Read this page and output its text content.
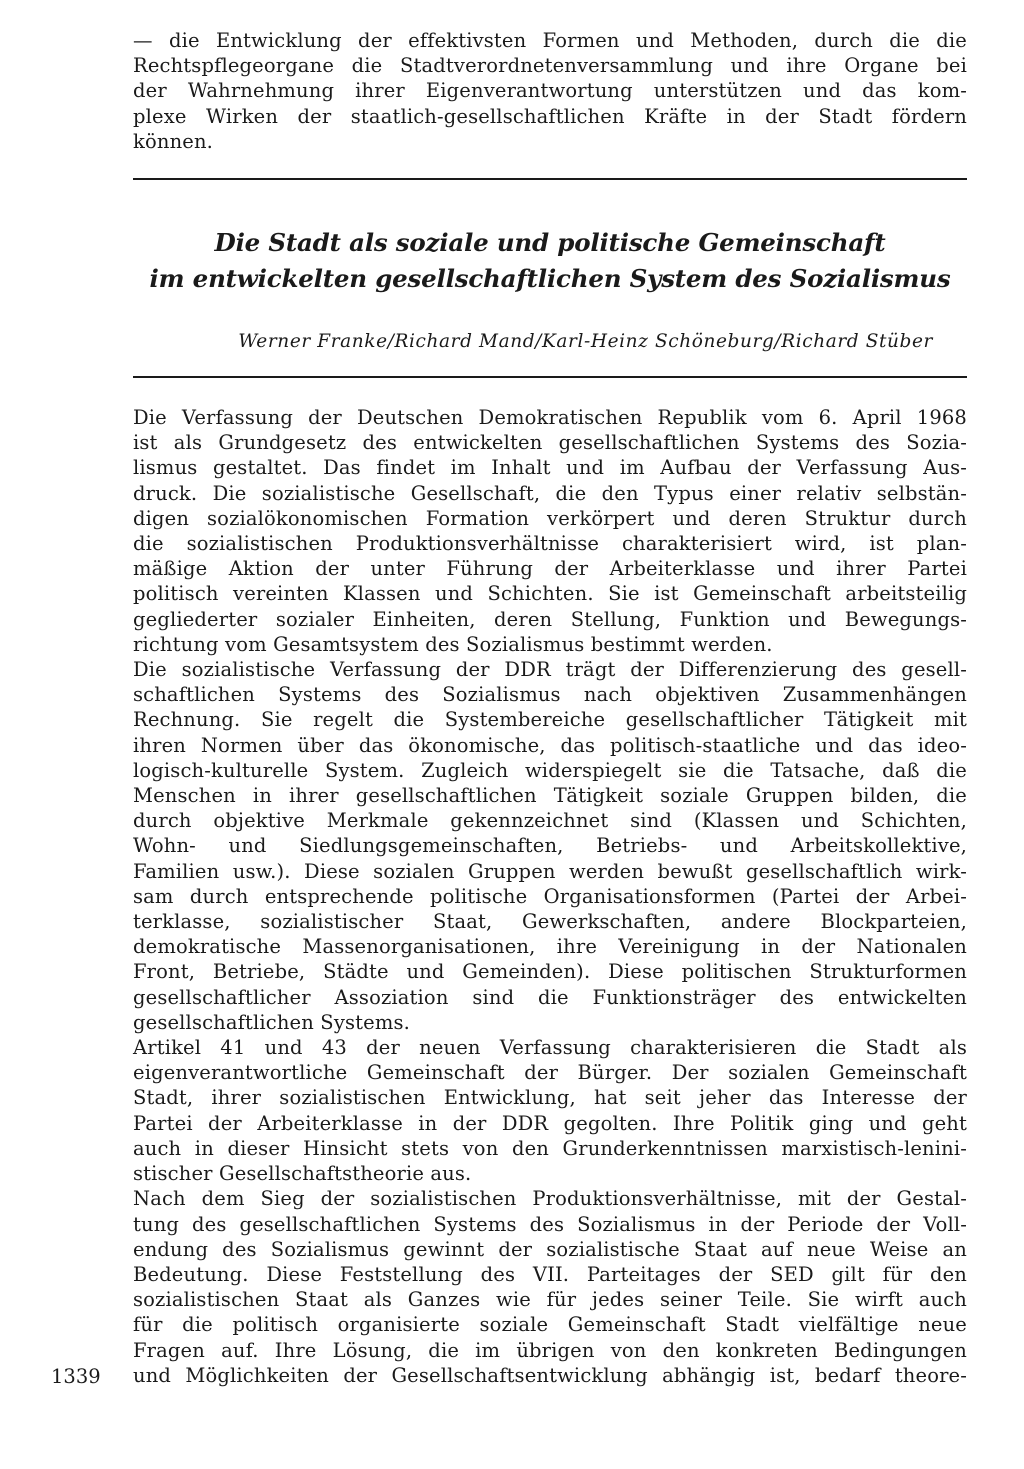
— die Entwicklung der effektivsten Formen und Methoden, durch die die
Rechtspflegeorgane die Stadtverordnetenversammlung und ihre Organe bei
der Wahrnehmung ihrer Eigenverantwortung unterstützen und das kom-
plexe Wirken der staatlich-gesellschaftlichen Kräfte in der Stadt fördern
können.
Die Stadt als soziale und politische Gemeinschaft
im entwickelten gesellschaftlichen System des Sozialismus
Werner Franke/Richard Mand/Karl-Heinz Schöneburg/Richard Stüber
Die Verfassung der Deutschen Demokratischen Republik vom 6. April 1968
ist als Grundgesetz des entwickelten gesellschaftlichen Systems des Sozia-
lismus gestaltet. Das findet im Inhalt und im Aufbau der Verfassung Aus-
druck. Die sozialistische Gesellschaft, die den Typus einer relativ selbstän-
digen sozialökonomischen Formation verkörpert und deren Struktur durch
die sozialistischen Produktionsverhältnisse charakterisiert wird, ist plan-
mäßige Aktion der unter Führung der Arbeiterklasse und ihrer Partei
politisch vereinten Klassen und Schichten. Sie ist Gemeinschaft arbeitsteilig
gegliederter sozialer Einheiten, deren Stellung, Funktion und Bewegungs-
richtung vom Gesamtsystem des Sozialismus bestimmt werden.
Die sozialistische Verfassung der DDR trägt der Differenzierung des gesell-
schaftlichen Systems des Sozialismus nach objektiven Zusammenhängen
Rechnung. Sie regelt die Systembereiche gesellschaftlicher Tätigkeit mit
ihren Normen über das ökonomische, das politisch-staatliche und das ideo-
logisch-kulturelle System. Zugleich widerspiegelt sie die Tatsache, daß die
Menschen in ihrer gesellschaftlichen Tätigkeit soziale Gruppen bilden, die
durch objektive Merkmale gekennzeichnet sind (Klassen und Schichten,
Wohn- und Siedlungsgemeinschaften, Betriebs- und Arbeitskollektive,
Familien usw.). Diese sozialen Gruppen werden bewußt gesellschaftlich wirk-
sam durch entsprechende politische Organisationsformen (Partei der Arbei-
terklasse, sozialistischer Staat, Gewerkschaften, andere Blockparteien,
demokratische Massenorganisationen, ihre Vereinigung in der Nationalen
Front, Betriebe, Städte und Gemeinden). Diese politischen Strukturformen
gesellschaftlicher Assoziation sind die Funktionsträger des entwickelten
gesellschaftlichen Systems.
Artikel 41 und 43 der neuen Verfassung charakterisieren die Stadt als
eigenverantwortliche Gemeinschaft der Bürger. Der sozialen Gemeinschaft
Stadt, ihrer sozialistischen Entwicklung, hat seit jeher das Interesse der
Partei der Arbeiterklasse in der DDR gegolten. Ihre Politik ging und geht
auch in dieser Hinsicht stets von den Grunderkenntnissen marxistisch-lenini-
stischer Gesellschaftstheorie aus.
Nach dem Sieg der sozialistischen Produktionsverhältnisse, mit der Gestal-
tung des gesellschaftlichen Systems des Sozialismus in der Periode der Voll-
endung des Sozialismus gewinnt der sozialistische Staat auf neue Weise an
Bedeutung. Diese Feststellung des VII. Parteitages der SED gilt für den
sozialistischen Staat als Ganzes wie für jedes seiner Teile. Sie wirft auch
für die politisch organisierte soziale Gemeinschaft Stadt vielfältige neue
Fragen auf. Ihre Lösung, die im übrigen von den konkreten Bedingungen
und Möglichkeiten der Gesellschaftsentwicklung abhängig ist, bedarf theore-
1339
